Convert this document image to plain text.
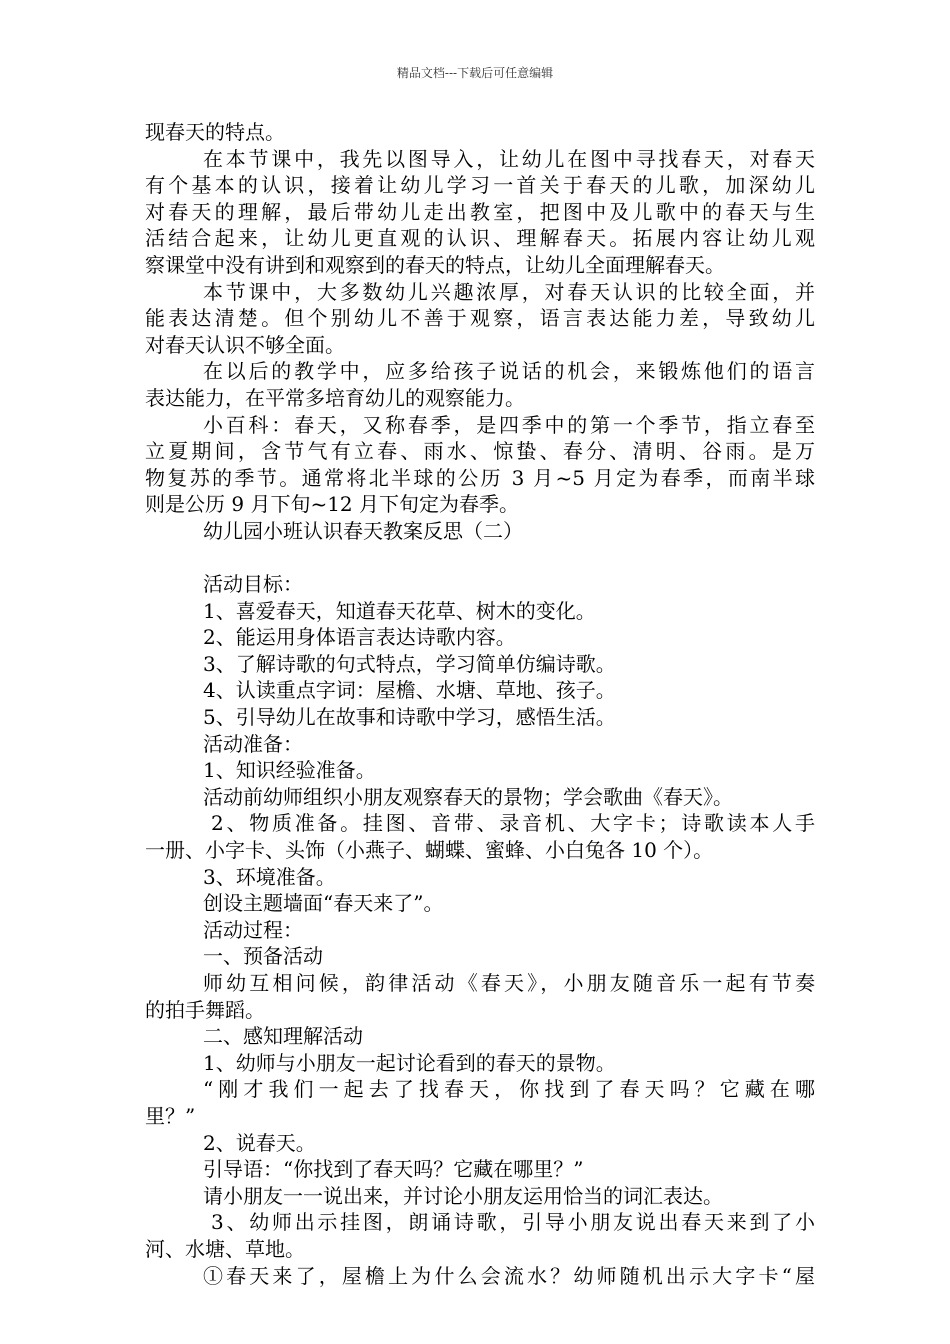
精品文档---下载后可任意编辑
现春天的特点。
在本节课中，我先以图导入，让幼儿在图中寻找春天，对春天
有个基本的认识，接着让幼儿学习一首关于春天的儿歌，加深幼儿
对春天的理解，最后带幼儿走出教室，把图中及儿歌中的春天与生
活结合起来，让幼儿更直观的认识、理解春天。拓展内容让幼儿观
察课堂中没有讲到和观察到的春天的特点，让幼儿全面理解春天。
本节课中，大多数幼儿兴趣浓厚，对春天认识的比较全面，并
能表达清楚。但个别幼儿不善于观察，语言表达能力差，导致幼儿
对春天认识不够全面。
在以后的教学中，应多给孩子说话的机会，来锻炼他们的语言
表达能力，在平常多培育幼儿的观察能力。
小百科：春天，又称春季，是四季中的第一个季节，指立春至
立夏期间，含节气有立春、雨水、惊蛰、春分、清明、谷雨。是万
物复苏的季节。通常将北半球的公历 3 月~5 月定为春季，而南半球
则是公历 9 月下旬~12 月下旬定为春季。
幼儿园小班认识春天教案反思（二）
活动目标：
1、喜爱春天，知道春天花草、树木的变化。
2、能运用身体语言表达诗歌内容。
3、了解诗歌的句式特点，学习简单仿编诗歌。
4、认读重点字词：屋檐、水塘、草地、孩子。
5、引导幼儿在故事和诗歌中学习，感悟生活。
活动准备：
1、知识经验准备。
活动前幼师组织小朋友观察春天的景物；学会歌曲《春天》。
2、物质准备。挂图、音带、录音机、大字卡；诗歌读本人手
一册、小字卡、头饰（小燕子、蝴蝶、蜜蜂、小白兔各 10 个）。
3、环境准备。
创设主题墙面“春天来了”。
活动过程：
一、预备活动
师幼互相问候，韵律活动《春天》，小朋友随音乐一起有节奏
的拍手舞蹈。
二、感知理解活动
1、幼师与小朋友一起讨论看到的春天的景物。
“刚才我们一起去了找春天，你找到了春天吗？它藏在哪
里？”
2、说春天。
引导语：“你找到了春天吗？它藏在哪里？”
请小朋友一一说出来，并讨论小朋友运用恰当的词汇表达。
3、幼师出示挂图，朗诵诗歌，引导小朋友说出春天来到了小
河、水塘、草地。
①春天来了，屋檐上为什么会流水？幼师随机出示大字卡“屋
